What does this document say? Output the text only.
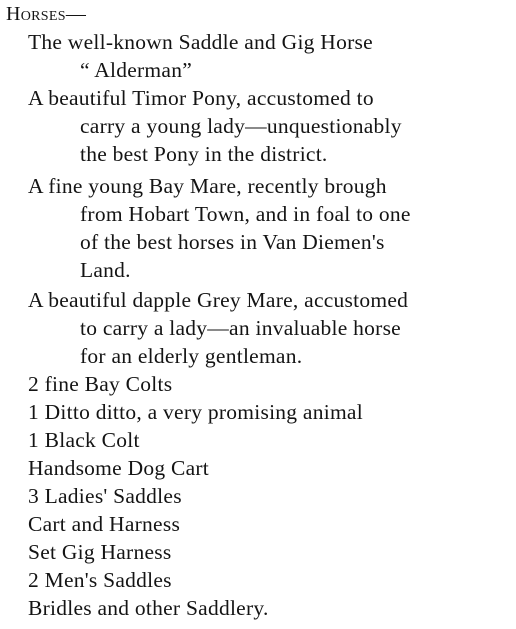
Horses—
The well-known Saddle and Gig Horse
“ Alderman”
A beautiful Timor Pony, accustomed to
carry a young lady—unquestionably
the best Pony in the district.
A fine young Bay Mare, recently brough
from Hobart Town, and in foal to one
of the best horses in Van Diemen's
Land.
A beautiful dapple Grey Mare, accustomed
to carry a lady—an invaluable horse
for an elderly gentleman.
2 fine Bay Colts
1 Ditto ditto, a very promising animal
1 Black Colt
Handsome Dog Cart
3 Ladies' Saddles
Cart and Harness
Set Gig Harness
2 Men's Saddles
Bridles and other Saddlery.
